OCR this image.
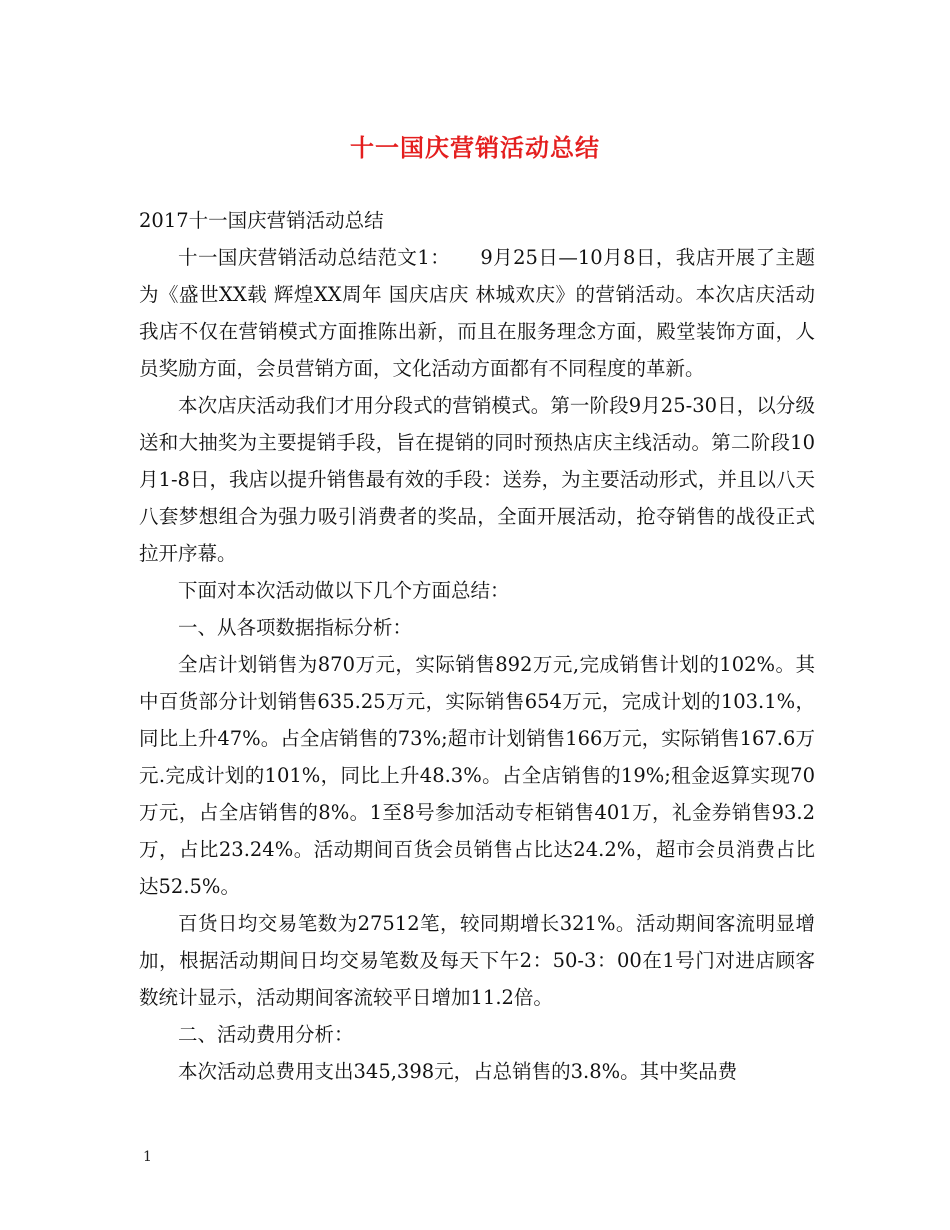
十一国庆营销活动总结

2017十一国庆营销活动总结

十一国庆营销活动总结范文1：　　9月25日—10月8日，我店开展了主题为《盛世XX载 辉煌XX周年 国庆店庆 林城欢庆》的营销活动。本次店庆活动我店不仅在营销模式方面推陈出新，而且在服务理念方面，殿堂装饰方面，人员奖励方面，会员营销方面，文化活动方面都有不同程度的革新。

本次店庆活动我们才用分段式的营销模式。第一阶段9月25-30日，以分级送和大抽奖为主要提销手段，旨在提销的同时预热店庆主线活动。第二阶段10月1-8日，我店以提升销售最有效的手段：送券，为主要活动形式，并且以八天八套梦想组合为强力吸引消费者的奖品，全面开展活动，抢夺销售的战役正式拉开序幕。

下面对本次活动做以下几个方面总结：

一、从各项数据指标分析：

全店计划销售为870万元，实际销售892万元,完成销售计划的102%。其中百货部分计划销售635.25万元，实际销售654万元，完成计划的103.1%，同比上升47%。占全店销售的73%;超市计划销售166万元，实际销售167.6万元.完成计划的101%，同比上升48.3%。占全店销售的19%;租金返算实现70万元，占全店销售的8%。1至8号参加活动专柜销售401万，礼金券销售93.2万，占比23.24%。活动期间百货会员销售占比达24.2%，超市会员消费占比达52.5%。

百货日均交易笔数为27512笔，较同期增长321%。活动期间客流明显增加，根据活动期间日均交易笔数及每天下午2：50-3：00在1号门对进店顾客数统计显示，活动期间客流较平日增加11.2倍。

二、活动费用分析：

本次活动总费用支出345,398元，占总销售的3.8%。其中奖品费

1
